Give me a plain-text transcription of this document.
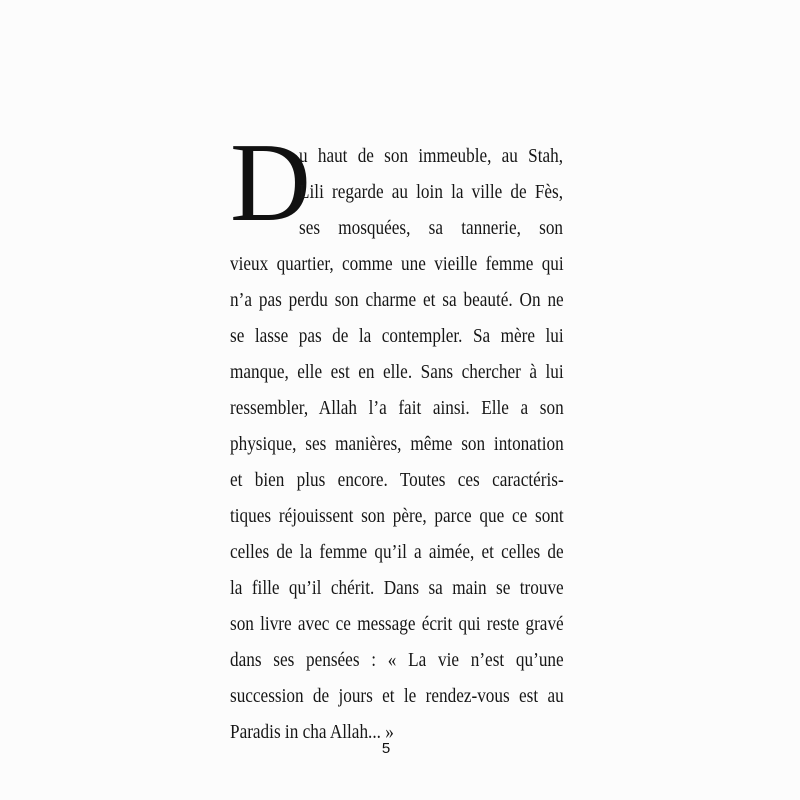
D
u haut de son immeuble, au Stah,
Lili regarde au loin la ville de Fès,
ses mosquées, sa tannerie, son
vieux quartier, comme une vieille femme qui
n’a pas perdu son charme et sa beauté. On ne
se lasse pas de la contempler. Sa mère lui
manque, elle est en elle. Sans chercher à lui
ressembler, Allah l’a fait ainsi. Elle a son
physique, ses manières, même son intonation
et bien plus encore. Toutes ces caractéris-
tiques réjouissent son père, parce que ce sont
celles de la femme qu’il a aimée, et celles de
la fille qu’il chérit. Dans sa main se trouve
son livre avec ce message écrit qui reste gravé
dans ses pensées : « La vie n’est qu’une
succession de jours et le rendez-vous est au
Paradis in cha Allah... »
5
